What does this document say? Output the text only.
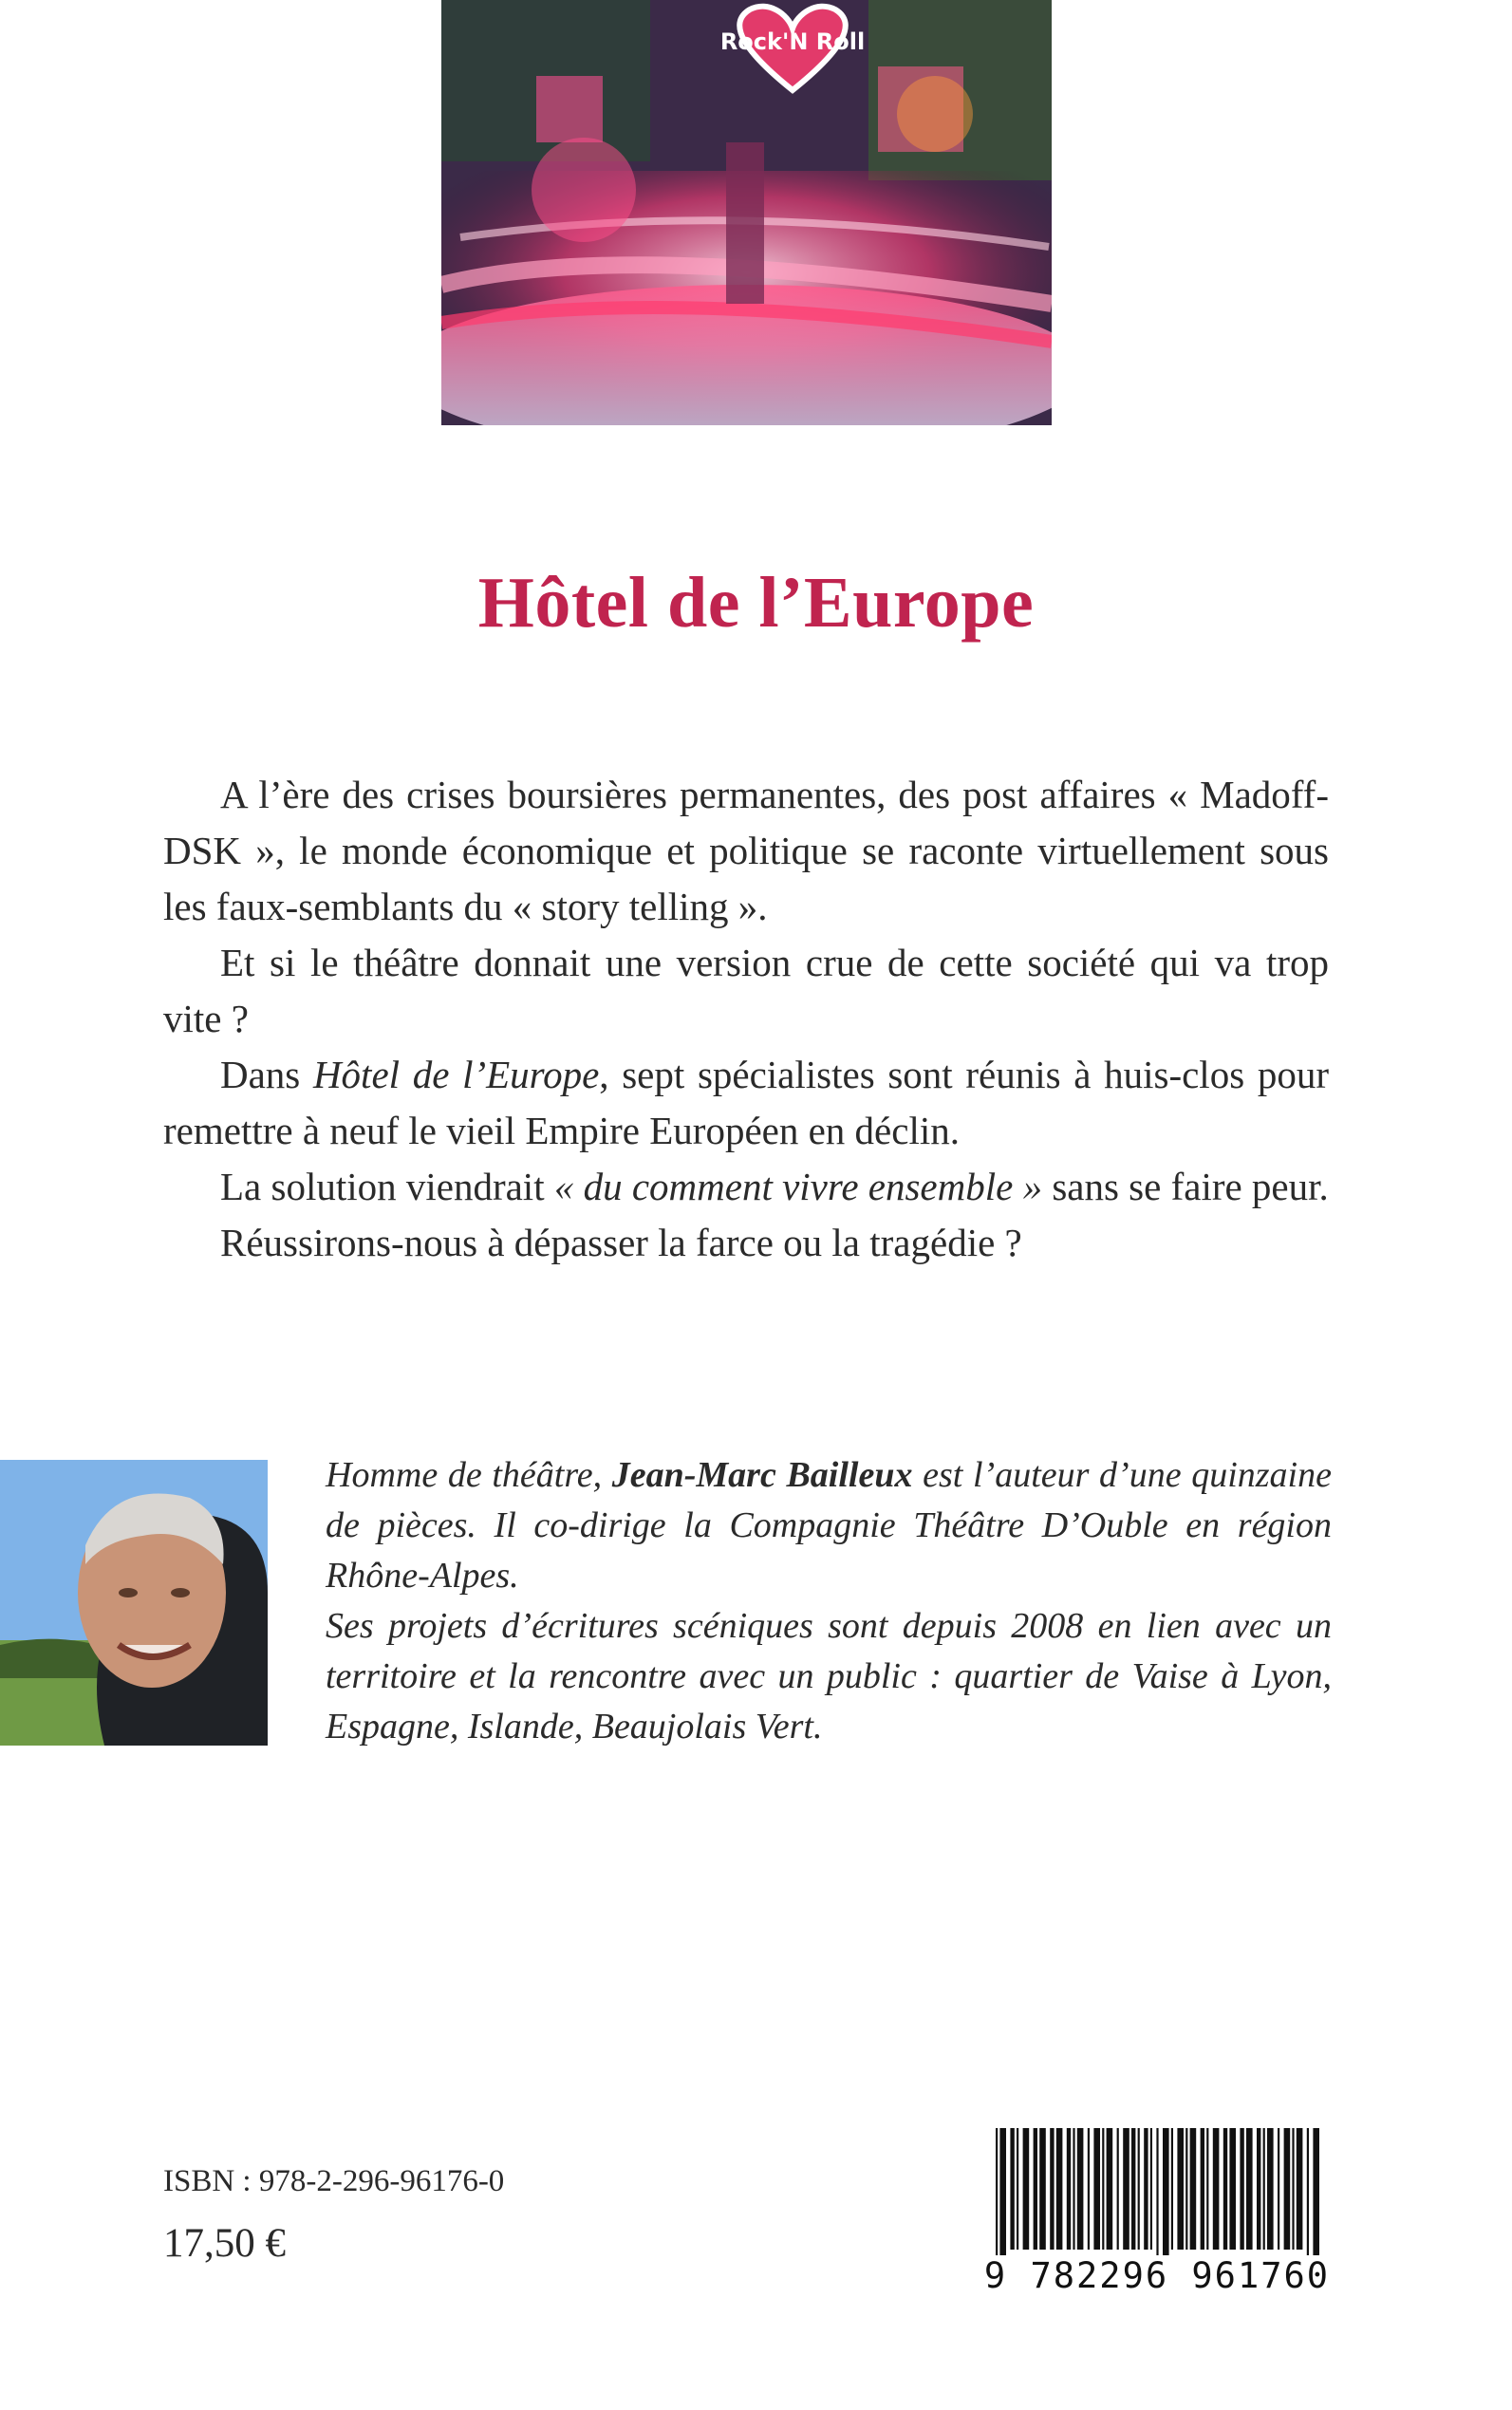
Rock'N Roll
Hôtel de l’Europe

A l’ère des crises boursières permanentes, des post affaires « Madoff-DSK », le monde économique et politique se raconte virtuellement sous les faux-semblants du « story telling ».

Et si le théâtre donnait une version crue de cette société qui va trop vite ?

Dans Hôtel de l’Europe, sept spécialistes sont réunis à huis-clos pour remettre à neuf le vieil Empire Européen en déclin.

La solution viendrait « du comment vivre ensemble » sans se faire peur.

Réussirons-nous à dépasser la farce ou la tragédie ?

Homme de théâtre, Jean-Marc Bailleux est l’auteur d’une quinzaine de pièces. Il co-dirige la Compagnie Théâtre D’Ouble en région Rhône-Alpes.

Ses projets d’écritures scéniques sont depuis 2008 en lien avec un territoire et la rencontre avec un public : quartier de Vaise à Lyon, Espagne, Islande, Beaujolais Vert.

ISBN : 978-2-296-96176-0
17,50 €
9 782296 961760
